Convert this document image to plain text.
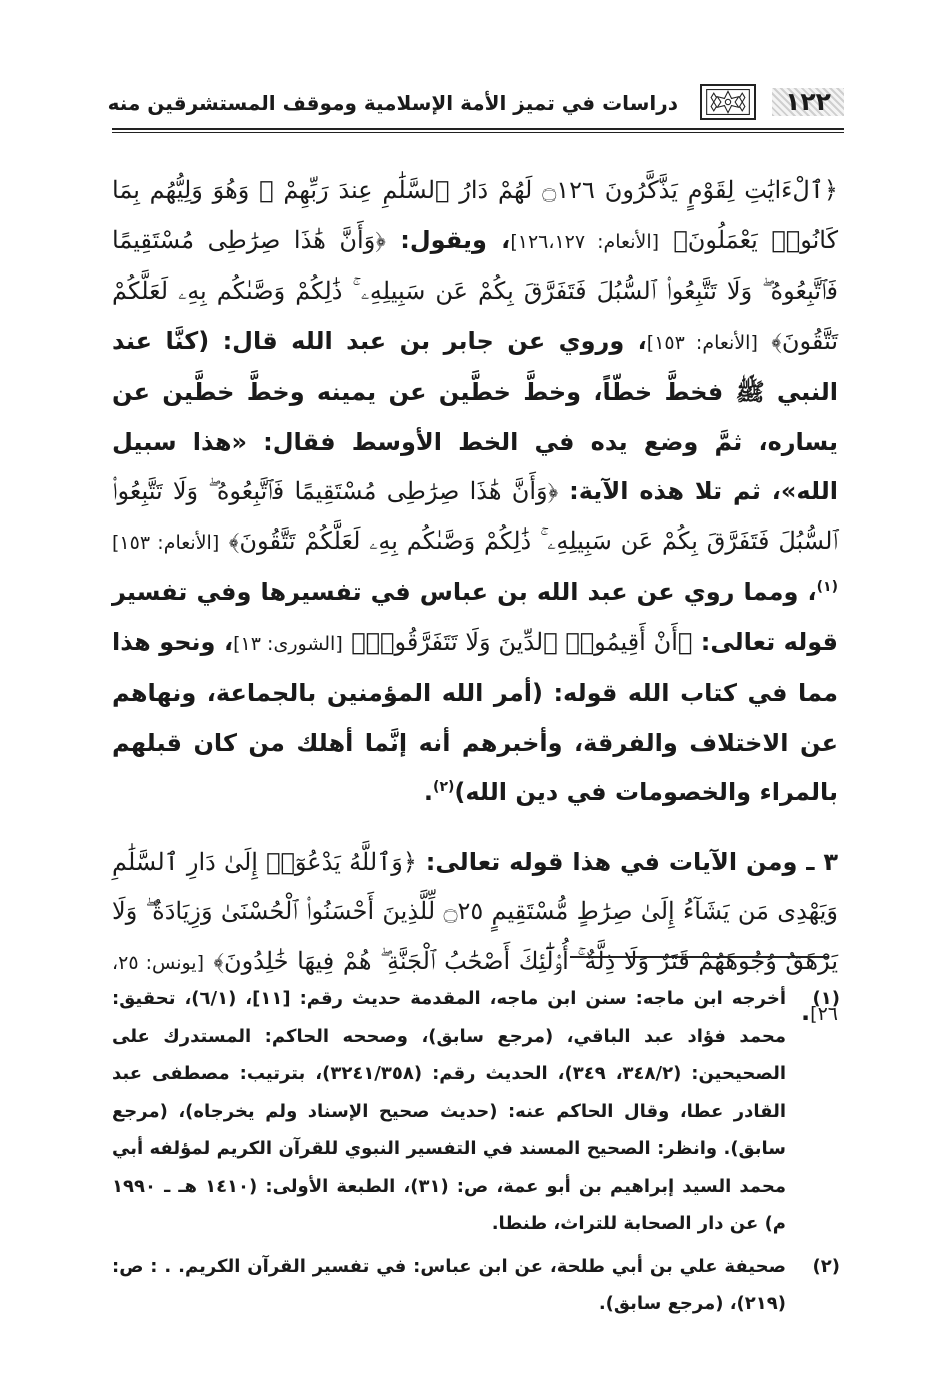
١٢٢
دراسات في تميز الأمة الإسلامية وموقف المستشرقين منه

﴿ٱلْءَايَٰتِ لِقَوْمٍ يَذَّكَّرُونَ ۝١٢٦ لَهُمْ دَارُ ٱلسَّلَٰمِ عِندَ رَبِّهِمْ ۖ وَهُوَ وَلِيُّهُم بِمَا كَانُوا۟ يَعْمَلُونَ﴾ [الأنعام: ١٢٦،١٢٧]، ويقول: ﴿وَأَنَّ هَٰذَا صِرَٰطِى مُسْتَقِيمًا فَٱتَّبِعُوهُ ۖ وَلَا تَتَّبِعُوا۟ ٱلسُّبُلَ فَتَفَرَّقَ بِكُمْ عَن سَبِيلِهِۦ ۚ ذَٰلِكُمْ وَصَّىٰكُم بِهِۦ لَعَلَّكُمْ تَتَّقُونَ﴾ [الأنعام: ١٥٣]، وروي عن جابر بن عبد الله قال: (كنَّا عند النبي ﷺ فخطَّ خطّاً، وخطَّ خطَّين عن يمينه وخطَّ خطَّين عن يساره، ثمَّ وضع يده في الخط الأوسط فقال: «هذا سبيل الله»، ثم تلا هذه الآية: ﴿وَأَنَّ هَٰذَا صِرَٰطِى مُسْتَقِيمًا فَٱتَّبِعُوهُ ۖ وَلَا تَتَّبِعُوا۟ ٱلسُّبُلَ فَتَفَرَّقَ بِكُمْ عَن سَبِيلِهِۦ ۚ ذَٰلِكُمْ وَصَّىٰكُم بِهِۦ لَعَلَّكُمْ تَتَّقُونَ﴾ [الأنعام: ١٥٣]$^{(١)}$، ومما روي عن عبد الله بن عباس في تفسيرها وفي تفسير قوله تعالى: ﴿أَنْ أَقِيمُوا۟ ٱلدِّينَ وَلَا تَتَفَرَّقُوا۟﴾ [الشورى: ١٣]، ونحو هذا مما في كتاب الله قوله: (أمر الله المؤمنين بالجماعة، ونهاهم عن الاختلاف والفرقة، وأخبرهم أنه إنَّما أهلك من كان قبلهم بالمراء والخصومات في دين الله)$^{(٢)}$.

٣ ـ ومن الآيات في هذا قوله تعالى: ﴿وَٱللَّهُ يَدْعُوٓا۟ إِلَىٰ دَارِ ٱلسَّلَٰمِ وَيَهْدِى مَن يَشَآءُ إِلَىٰ صِرَٰطٍ مُّسْتَقِيمٍ ۝٢٥ لِّلَّذِينَ أَحْسَنُوا۟ ٱلْحُسْنَىٰ وَزِيَادَةٌ ۖ وَلَا يَرْهَقُ وُجُوهَهُمْ قَتَرٌ وَلَا ذِلَّةٌ ۚ أُو۟لَٰٓئِكَ أَصْحَٰبُ ٱلْجَنَّةِ ۖ هُمْ فِيهَا خَٰلِدُونَ﴾ [يونس: ٢٥، ٢٦]. (١)
أخرجه ابن ماجه: سنن ابن ماجه، المقدمة حديث رقم: [١١]، (٦/١)، تحقيق: محمد فؤاد عبد الباقي، (مرجع سابق)، وصححه الحاكم: المستدرك على الصحيحين: (٣٤٨/٢، ٣٤٩)، الحديث رقم: (٣٢٤١/٣٥٨)، بترتيب: مصطفى عبد القادر عطا، وقال الحاكم عنه: (حديث صحيح الإسناد ولم يخرجاه)، (مرجع سابق). وانظر: الصحيح المسند في التفسير النبوي للقرآن الكريم لمؤلفه أبي محمد السيد إبراهيم بن أبو عمة، ص: (٣١)، الطبعة الأولى: (١٤١٠ هـ ـ ١٩٩٠ م) عن دار الصحابة للتراث، طنطا.
(٢)
صحيفة علي بن أبي طلحة، عن ابن عباس: في تفسير القرآن الكريم. . : ص: (٢١٩)، (مرجع سابق).
